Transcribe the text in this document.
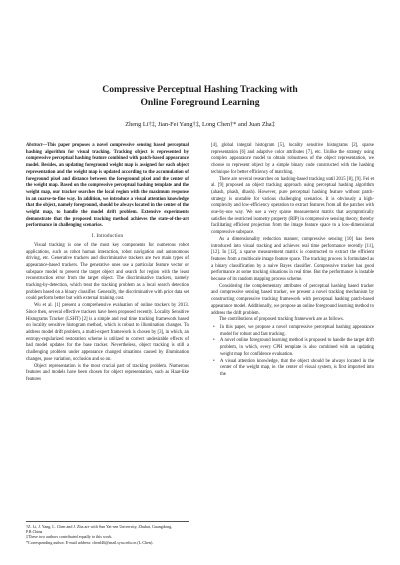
Compressive Perceptual Hashing Tracking with
Online Foreground Learning
Zheng Li†‡, Jian-Fei Yang†‡, Long Chen†* and Juan Zha‡
Abstract—This paper proposes a novel compressive sensing based perceptual hashing algorithm for visual tracking. Tracking object is represented by compressive perceptual hashing feature combined with patch-based appearance model. Besides, an updating foreground weight map is assigned for each object representation and the weight map is updated according to the accumulation of foreground pixel and distance between the foreground pixel and the center of the weight map. Based on the compressive perceptual hashing template and the weight map, our tracker searches the local region with the maximum response in an coarse-to-fine way. In addition, we introduce a visual attention knowledge that the object, namely foreground, should be always located in the center of the weight map, to handle the model drift problem. Extensive experiments demonstrate that the proposed tracking method achieves the state-of-the-art performance in challenging scenarios.
I. Introduction

Visual tracking is one of the most key components for numerous robot applications, such as robot human interaction, robot navigation and autonomous driving, etc. Generative trackers and discriminative trackers are two main types of appearance-based trackers. The generative ones use a particular feature vector or subspace model to present the target object and search for region with the least reconstruction error from the target object. The discriminative trackers, namely tracking-by-detection, which treat the tracking problem as a local search detection problem based on a binary classifier. Generally, the discriminative with prior data set could perform better but with external training cost.

Wu et al. [1] present a comprehensive evaluation of online trackers by 2013. Since then, several effective trackers have been proposed recently. Locality Sensitive Histograms Tracker (LSHT) [2] is a simple and real time tracking framework based on locality sensitive histogram method, which is robust to illumination changes. To address model drift problem, a multi-expert framework is chosen by [3], in which, an entropy-regularized restoration scheme is utilized to correct undesirable effects of bad model updates for the base tracker. Nevertheless, object tracking is still a challenging problem under appearance changed situations caused by illumination changes, pose variation, occlusion and so on.

Object representation is the most crucial part of tracking problem. Numerous features and models have been chosen for object representation, such as Haar-like features

†Z. Li, J. Yang, L. Chen and J. Zha are with Sun Yat-sen University, Zhuhai, Guangdong, P.R.China
‡These two authors contributed equally to this work.
*Corresponding author. E-mail address: chenl46@mail.sysu.edu.cn (L.Chen).

[4], global integral histogram [5], locality sensitive histograms [2], sparse representation [6] and adaptive color attributes [7], etc. Unlike the strategy using complex appearance model to obtain robustness of the object representation, we choose to represent object by a simple binary code constructed with the hashing technique for better efficiency of matching.

There are several researches on hashing-based tracking until 2015 [8], [9]. Fei et al. [9] proposed an object tracking approach using perceptual hashing algorithm (ahash, phash, dhash). However, pure perceptual hashing feature without patch-strategy is unstable for various challenging scenarios. It is obviously a high-complexity and low-efficiency operation to extract features from all the patches with one-by-one way. We use a very sparse measurement matrix that asymptotically satisfies the restricted isometry property (RIP) in compressive sensing theory, thereby facilitating efficient projection from the image feature space to a low-dimensional compressive subspace.

As a dimensionality reduction manner, compressive sensing [10] has been introduced into visual tracking and achieves real time performance recently [11], [12]. In [12], a sparse measurement matrix is constructed to extract the efficient features from a multiscale image feature space. The tracking process is formulated as a binary classification by a naive Bayes classifier. Compressive tracker has good performance at some tracking situations in real time. But the performance is instable because of its random mapping process scheme.

Considering the complementary attributes of perceptual hashing based tracker and compressive sensing based tracker, we present a novel tracking mechanism by constructing compressive tracking framework with perceptual hashing patch-based appearance model. Additionally, we propose an online foreground learning method to address the drift problem.

The contributions of proposed tracking framework are as follows.

• In this paper, we propose a novel compressive perceptual hashing appearance model for robust and fast tracking.
• A novel online foreground learning method is proposed to handle the target drift problem, in which, every CPH template is also combined with an updating weight map for confidence evaluation.
• A visual attention knowledge, that the object should be always located in the center of the weight map, ie. the center of visual system, is first imported into the
